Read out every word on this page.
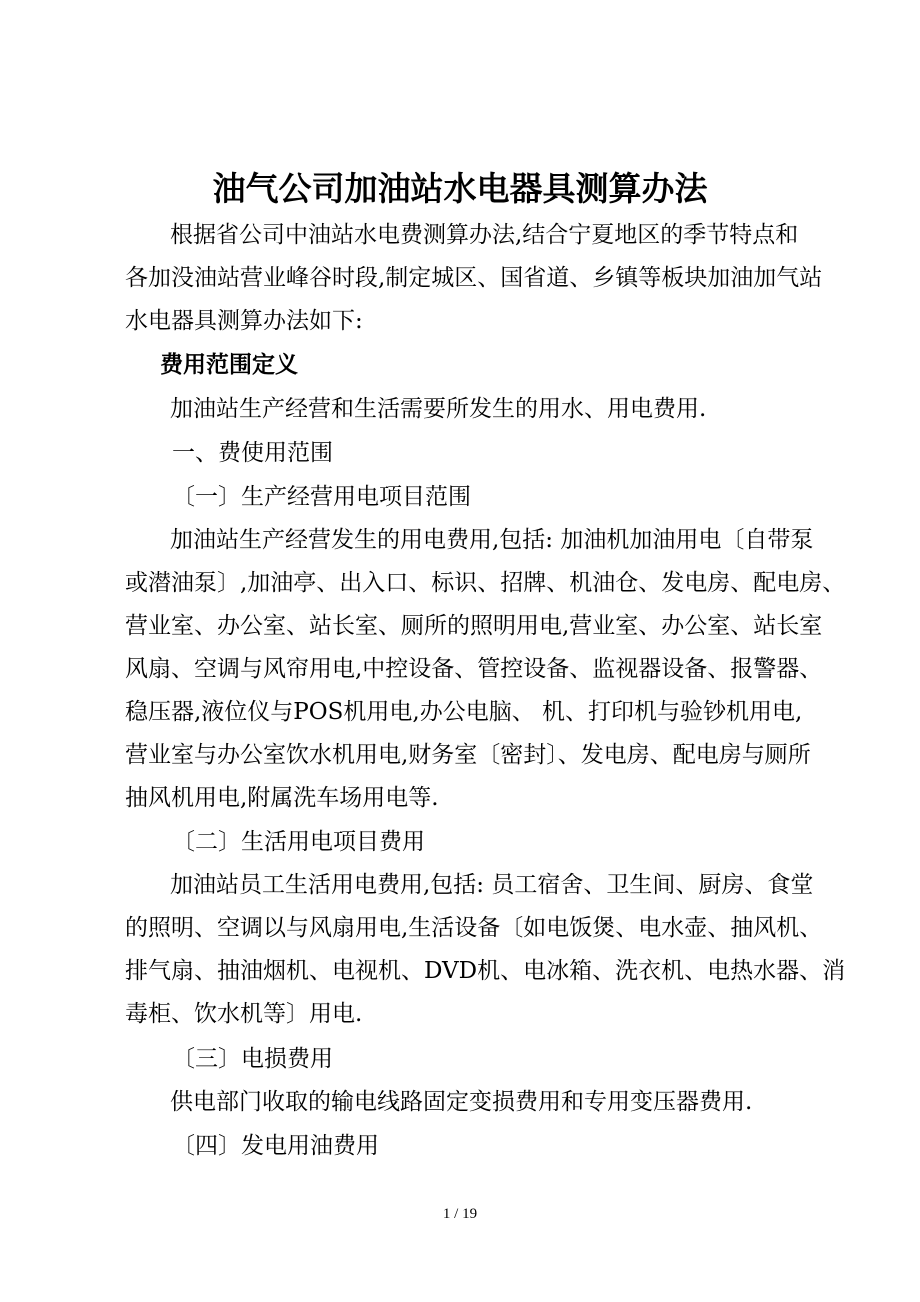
油气公司加油站水电器具测算办法
根据省公司中油站水电费测算办法,结合宁夏地区的季节特点和
各加没油站营业峰谷时段,制定城区、国省道、乡镇等板块加油加气站
水电器具测算办法如下:
费用范围定义
加油站生产经营和生活需要所发生的用水、用电费用.
一、费使用范围
〔一〕生产经营用电项目范围
加油站生产经营发生的用电费用,包括: 加油机加油用电〔自带泵
或潜油泵〕,加油亭、出入口、标识、招牌、机油仓、发电房、配电房、
营业室、办公室、站长室、厕所的照明用电,营业室、办公室、站长室
风扇、空调与风帘用电,中控设备、管控设备、监视器设备、报警器、
稳压器,液位仪与POS机用电,办公电脑、 机、打印机与验钞机用电,
营业室与办公室饮水机用电,财务室〔密封〕、发电房、配电房与厕所
抽风机用电,附属洗车场用电等.
〔二〕生活用电项目费用
加油站员工生活用电费用,包括: 员工宿舍、卫生间、厨房、食堂
的照明、空调以与风扇用电,生活设备〔如电饭煲、电水壶、抽风机、
排气扇、抽油烟机、电视机、DVD机、电冰箱、洗衣机、电热水器、消
毒柜、饮水机等〕用电.
〔三〕电损费用
供电部门收取的输电线路固定变损费用和专用变压器费用.
〔四〕发电用油费用
1 / 19
